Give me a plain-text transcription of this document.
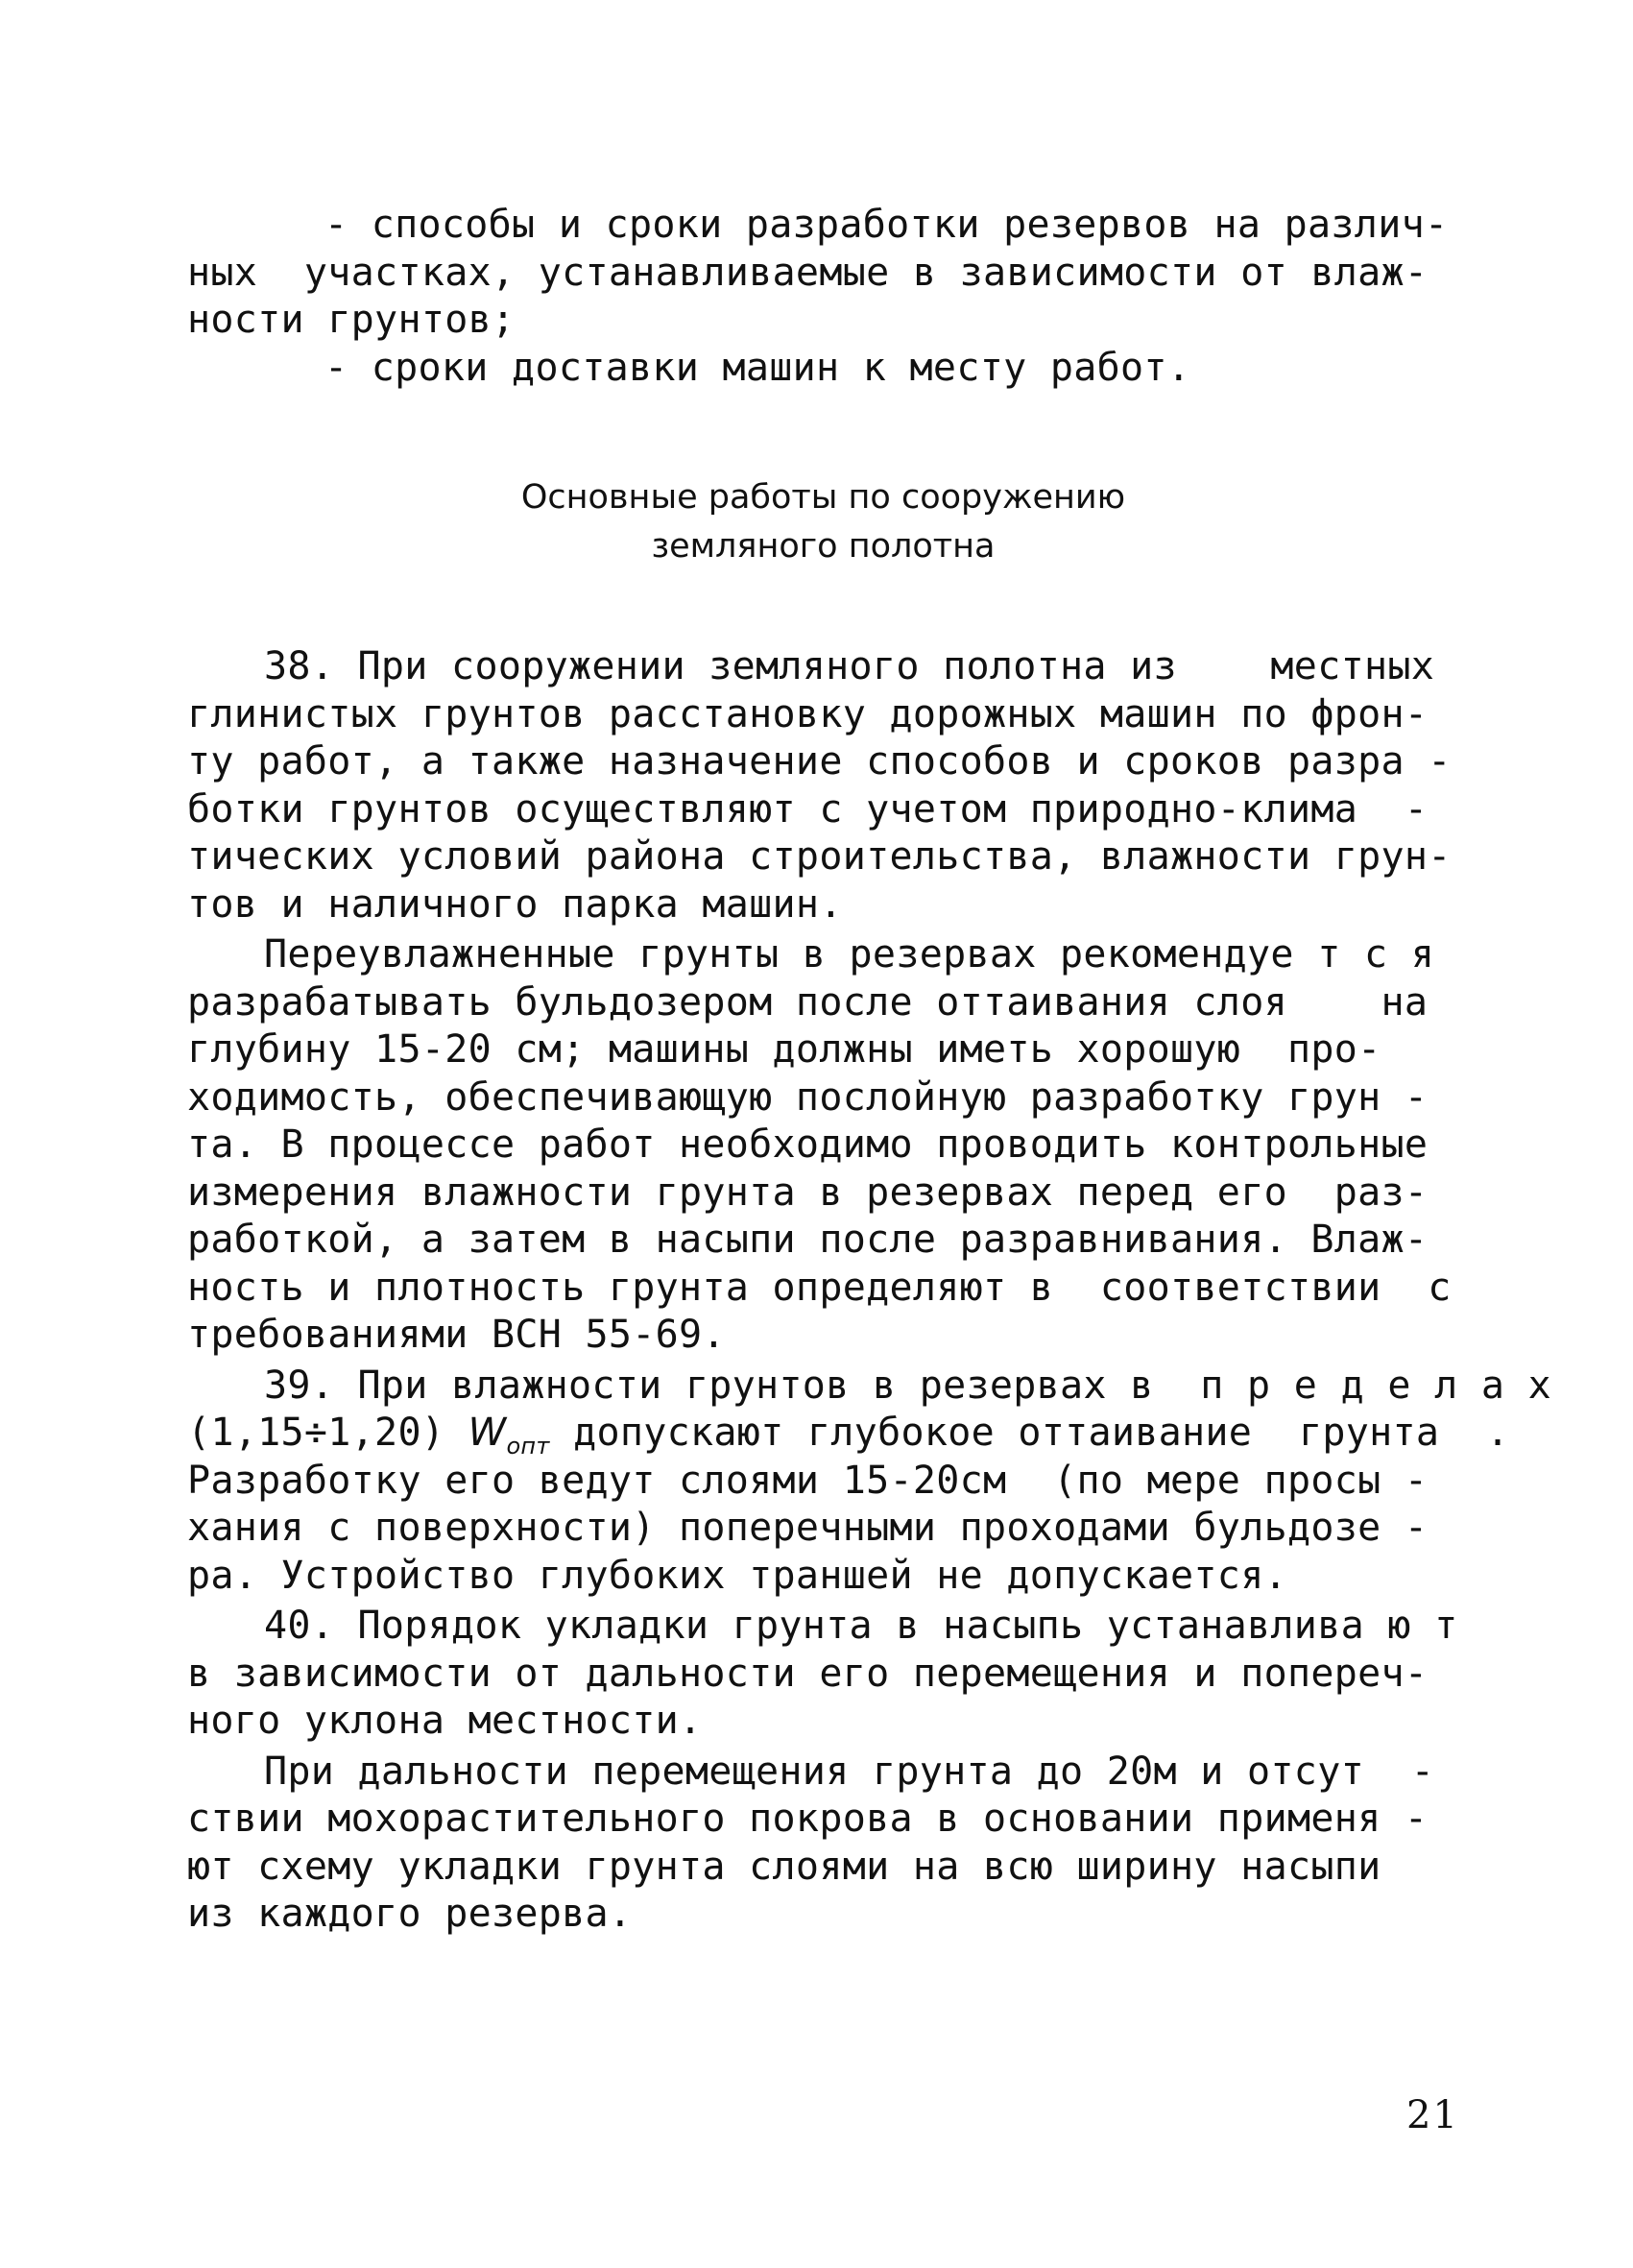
- способы и сроки разработки резервов на различ-
ных  участках, устанавливаемые в зависимости от влаж-
ности грунтов;
- сроки доставки машин к месту работ.
Основные работы по сооружению
земляного полотна
38. При сооружении земляного полотна из    местных
глинистых грунтов расстановку дорожных машин по фрон-
ту работ, а также назначение способов и сроков разра -
ботки грунтов осуществляют с учетом природно-климa  -
тических условий района строительства, влажности грун-
тов и наличного парка машин.
Переувлажненные грунты в резервах рекомендуе т с я
разрабатывать бульдозером после оттаивания слоя    на
глубину 15-20 см; машины должны иметь хорошую  про-
ходимость, обеспечивающую послойную разработку грун -
та. В процессе работ необходимо проводить контрольные
измерения влажности грунта в резервах перед его  раз-
работкой, а затем в насыпи после разравнивания. Влаж-
ность и плотность грунта определяют в  соответствии  с
требованиями ВСН 55-69.
39. При влажности грунтов в резервах в  п р е д е л а х
(1,15÷1,20) $W_{опт}$ допускают глубокое оттаивание  грунта  .
Разработку его ведут слоями 15-20см  (по мере просы -
хания с поверхности) поперечными проходами бульдозе -
ра. Устройство глубоких траншей не допускается.
40. Порядок укладки грунта в насыпь устанавлива ю т
в зависимости от дальности его перемещения и попереч-
ного уклона местности.
При дальности перемещения грунта до 20м и отсут  -
ствии мохорастительного покрова в основании применя -
ют схему укладки грунта слоями на всю ширину насыпи
из каждого резерва.
21
